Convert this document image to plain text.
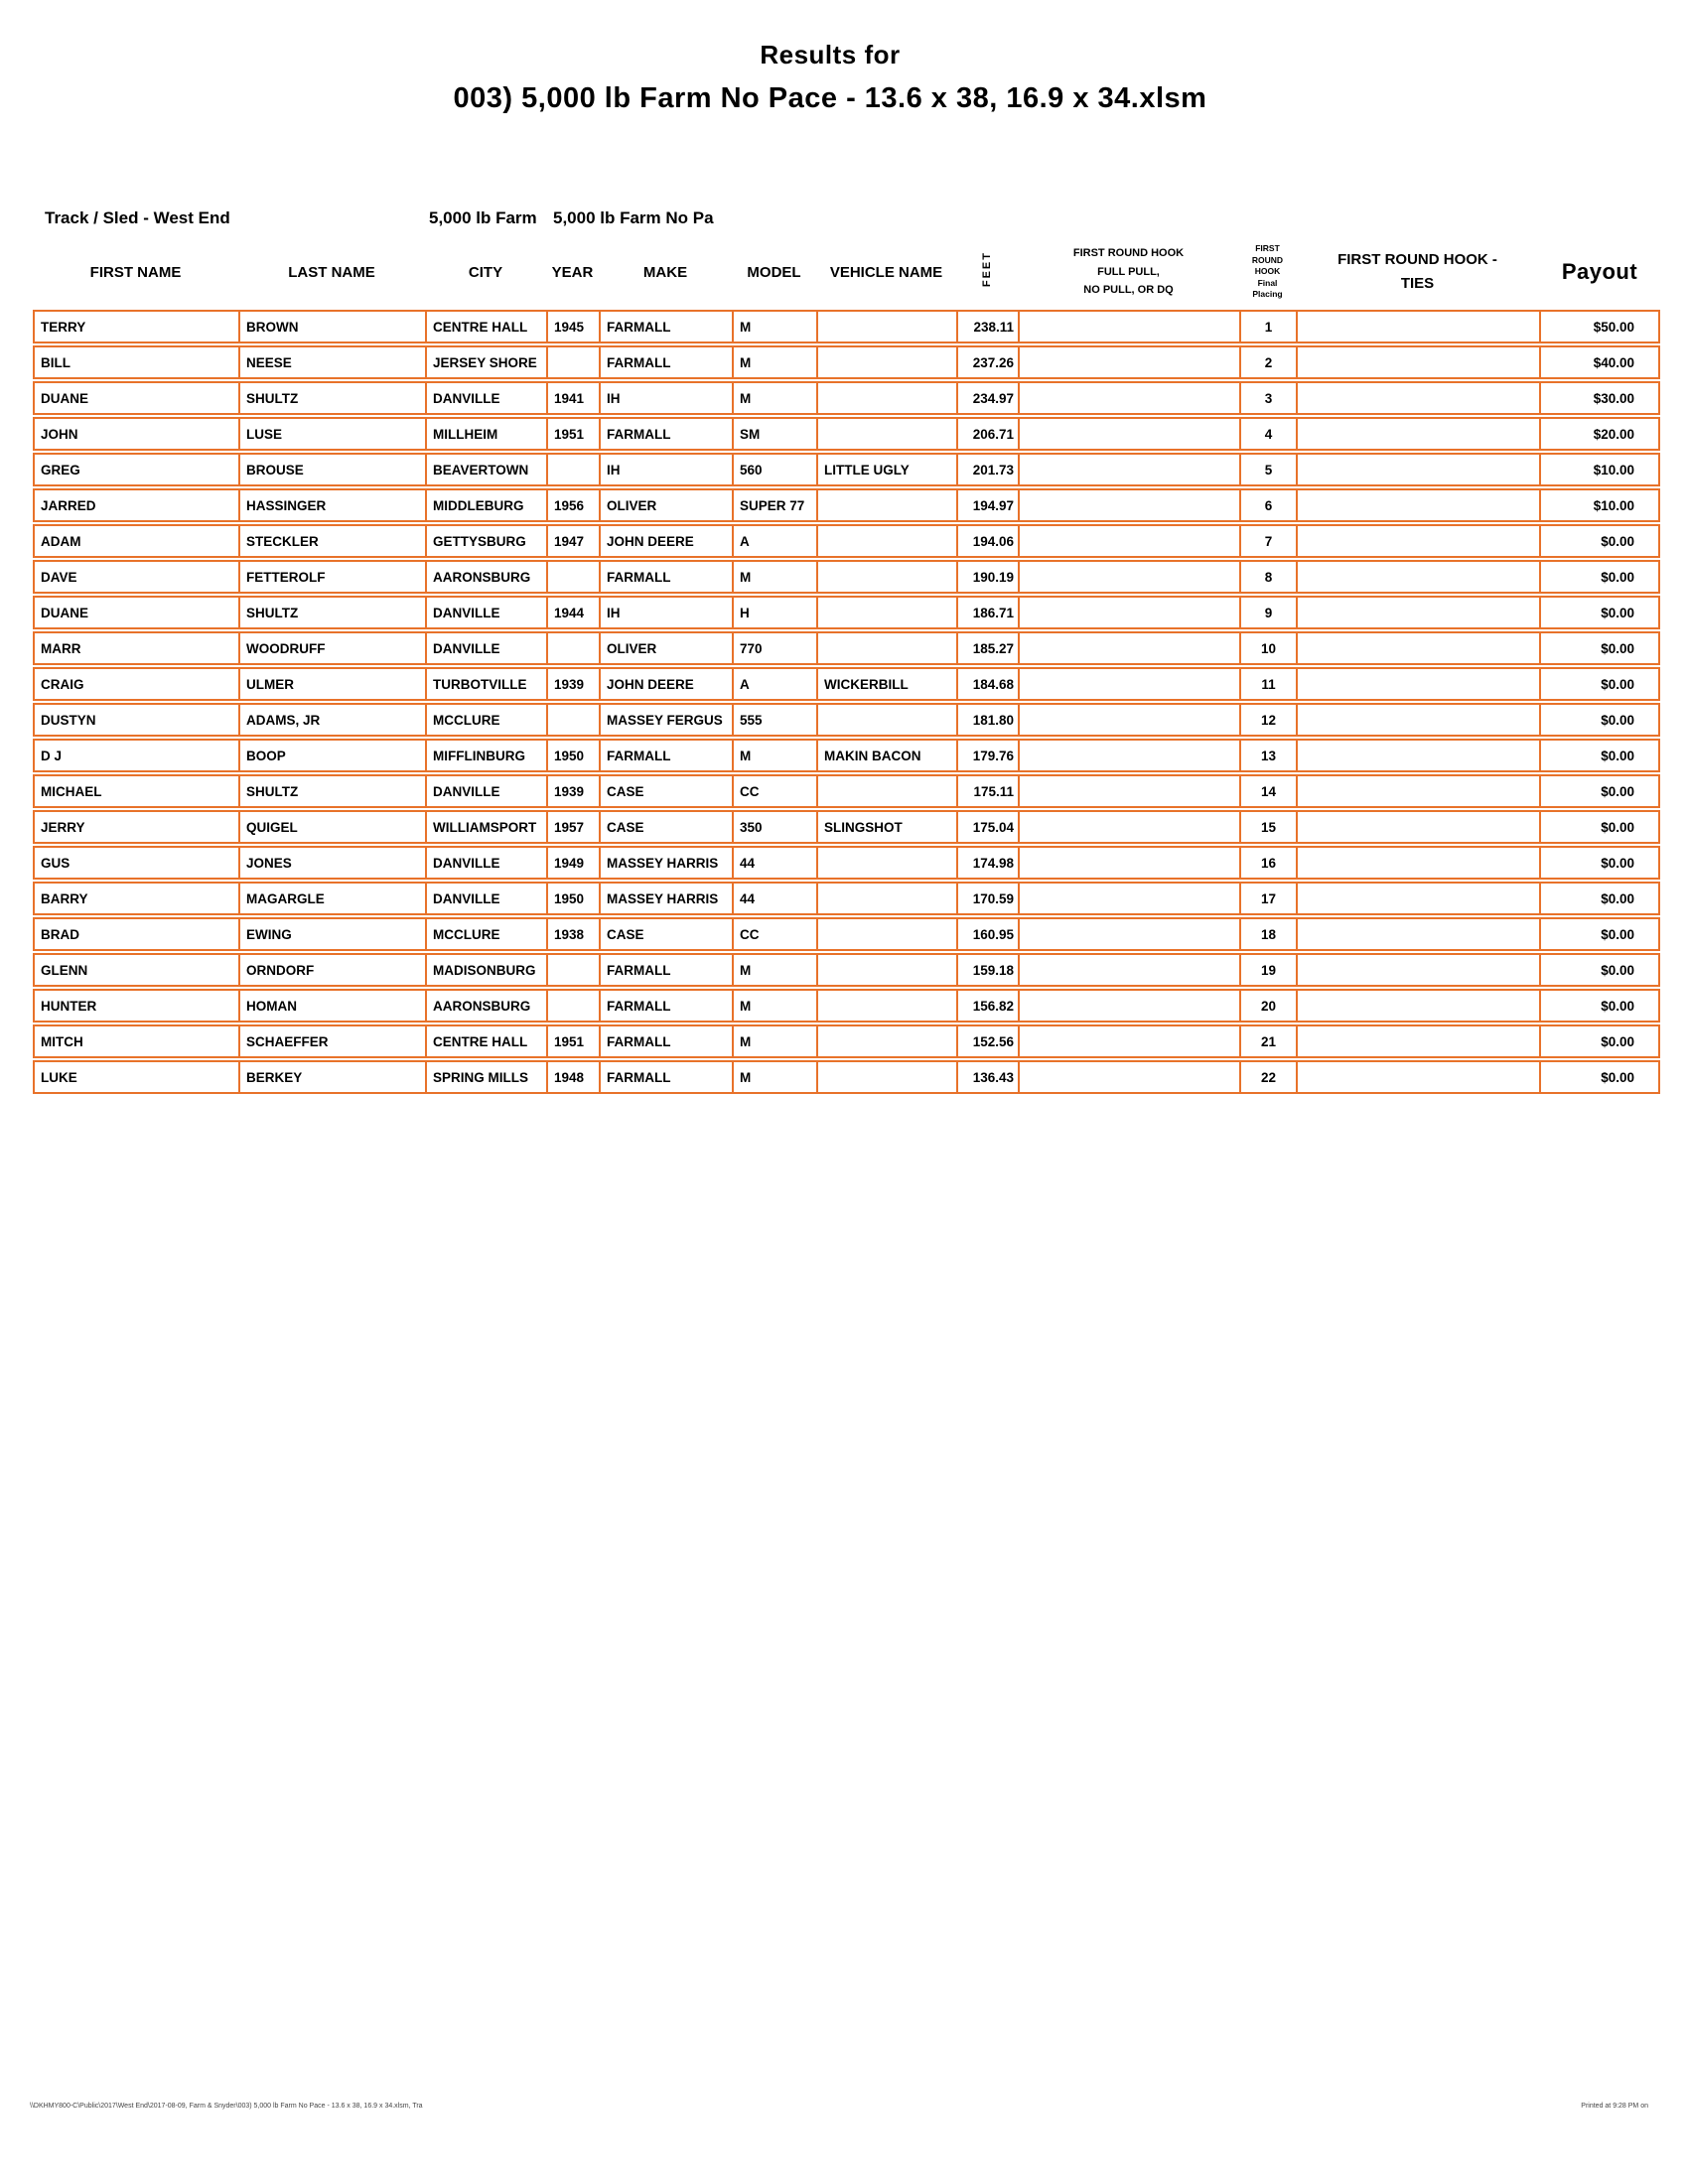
Results for
003) 5,000 lb Farm No Pace - 13.6 x 38, 16.9 x 34.xlsm
Track / Sled - West End	5,000 lb Farm 5,000 lb Farm No Pа
FIRST NAME	LAST NAME	CITY	YEAR	MAKE	MODEL	VEHICLE NAME	FEET	FIRST ROUND HOOK
FULL PULL,
NO PULL, OR DQ	FIRST
ROUND
HOOK
Final
Placing	FIRST ROUND HOOK -
TIES	Payout
TERRY	BROWN	CENTRE HALL	1945	FARMALL	M		238.11		1		$50.00
BILL	NEESE	JERSEY SHORE		FARMALL	M		237.26		2		$40.00
DUANE	SHULTZ	DANVILLE	1941	IH	M		234.97		3		$30.00
JOHN	LUSE	MILLHEIM	1951	FARMALL	SM		206.71		4		$20.00
GREG	BROUSE	BEAVERTOWN		IH	560	LITTLE UGLY	201.73		5		$10.00
JARRED	HASSINGER	MIDDLEBURG	1956	OLIVER	SUPER 77		194.97		6		$10.00
ADAM	STECKLER	GETTYSBURG	1947	JOHN DEERE	A		194.06		7		$0.00
DAVE	FETTEROLF	AARONSBURG		FARMALL	M		190.19		8		$0.00
DUANE	SHULTZ	DANVILLE	1944	IH	H		186.71		9		$0.00
MARR	WOODRUFF	DANVILLE		OLIVER	770		185.27		10		$0.00
CRAIG	ULMER	TURBOTVILLE	1939	JOHN DEERE	A	WICKERBILL	184.68		11		$0.00
DUSTYN	ADAMS, JR	MCCLURE		MASSEY FERGUS	555		181.80		12		$0.00
D J	BOOP	MIFFLINBURG	1950	FARMALL	M	MAKIN BACON	179.76		13		$0.00
MICHAEL	SHULTZ	DANVILLE	1939	CASE	CC		175.11		14		$0.00
JERRY	QUIGEL	WILLIAMSPORT	1957	CASE	350	SLINGSHOT	175.04		15		$0.00
GUS	JONES	DANVILLE	1949	MASSEY HARRIS	44		174.98		16		$0.00
BARRY	MAGARGLE	DANVILLE	1950	MASSEY HARRIS	44		170.59		17		$0.00
BRAD	EWING	MCCLURE	1938	CASE	CC		160.95		18		$0.00
GLENN	ORNDORF	MADISONBURG		FARMALL	M		159.18		19		$0.00
HUNTER	HOMAN	AARONSBURG		FARMALL	M		156.82		20		$0.00
MITCH	SCHAEFFER	CENTRE HALL	1951	FARMALL	M		152.56		21		$0.00
LUKE	BERKEY	SPRING MILLS	1948	FARMALL	M		136.43		22		$0.00
\\DKHMY800-C\Public\2017\West End\2017-08-09, Farm & Snyder\003) 5,000 lb Farm No Pace - 13.6 x 38, 16.9 x 34.xlsm, Tra	Printed at 9:28 PM on
